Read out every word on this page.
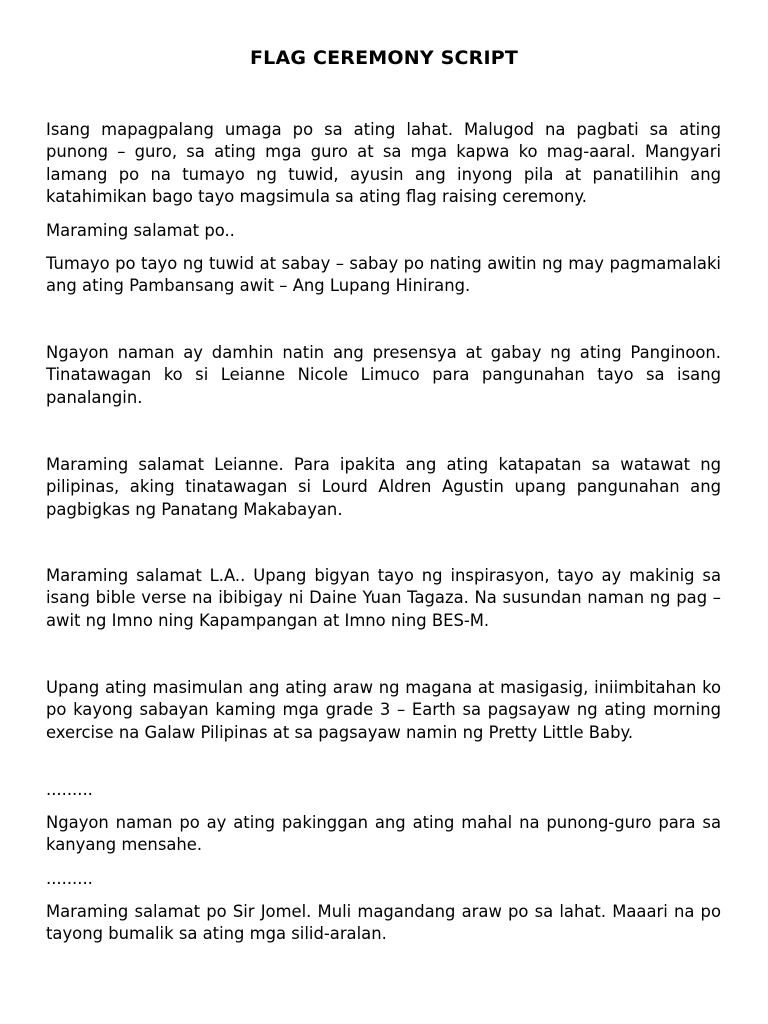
FLAG CEREMONY SCRIPT

Isang mapagpalang umaga po sa ating lahat. Malugod na pagbati sa ating punong – guro, sa ating mga guro at sa mga kapwa ko mag-aaral. Mangyari lamang po na tumayo ng tuwid, ayusin ang inyong pila at panatilihin ang katahimikan bago tayo magsimula sa ating flag raising ceremony.

Maraming salamat po..

Tumayo po tayo ng tuwid at sabay – sabay po nating awitin ng may pagmamalaki ang ating Pambansang awit – Ang Lupang Hinirang.

Ngayon naman ay damhin natin ang presensya at gabay ng ating Panginoon. Tinatawagan ko si Leianne Nicole Limuco para pangunahan tayo sa isang panalangin.

Maraming salamat Leianne. Para ipakita ang ating katapatan sa watawat ng pilipinas, aking tinatawagan si Lourd Aldren Agustin upang pangunahan ang pagbigkas ng Panatang Makabayan.

Maraming salamat L.A.. Upang bigyan tayo ng inspirasyon, tayo ay makinig sa isang bible verse na ibibigay ni Daine Yuan Tagaza. Na susundan naman ng pag – awit ng Imno ning Kapampangan at Imno ning BES-M.

Upang ating masimulan ang ating araw ng magana at masigasig, iniimbitahan ko po kayong sabayan kaming mga grade 3 – Earth sa pagsayaw ng ating morning exercise na Galaw Pilipinas at sa pagsayaw namin ng Pretty Little Baby.

.........

Ngayon naman po ay ating pakinggan ang ating mahal na punong-guro para sa kanyang mensahe.

.........

Maraming salamat po Sir Jomel. Muli magandang araw po sa lahat. Maaari na po tayong bumalik sa ating mga silid-aralan.
